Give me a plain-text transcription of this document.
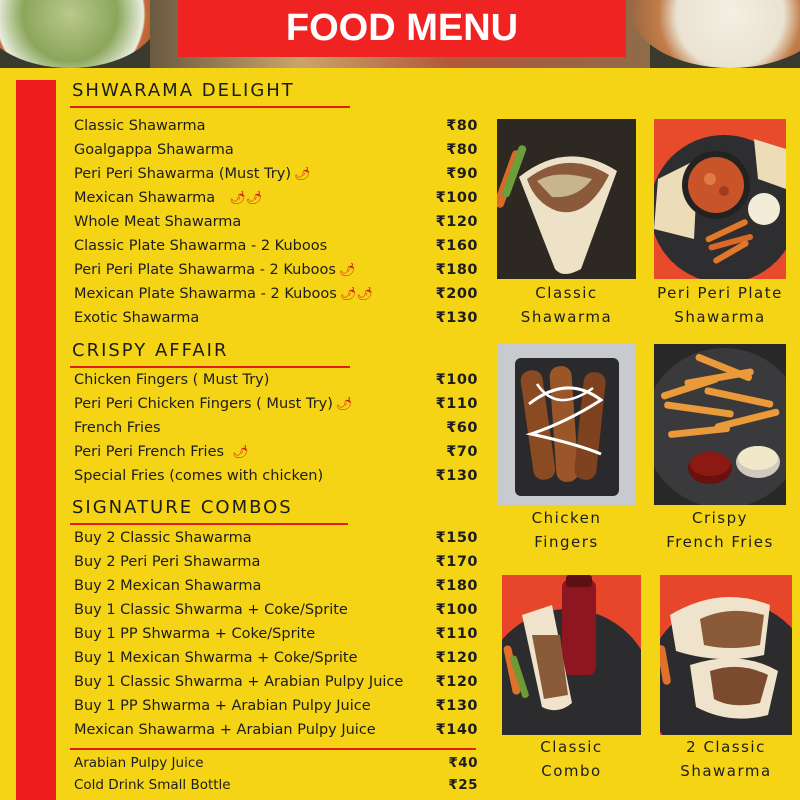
FOOD MENU
SHWARAMA DELIGHT
Classic Shawarma	₹80
Goalgappa Shawarma	₹80
Peri Peri Shawarma (Must Try) 🌶	₹90
Mexican Shawarma 🌶🌶	₹100
Whole Meat Shawarma	₹120
Classic Plate Shawarma - 2 Kuboos	₹160
Peri Peri Plate Shawarma - 2 Kuboos 🌶	₹180
Mexican Plate Shawarma - 2 Kuboos 🌶🌶	₹200
Exotic Shawarma	₹130
CRISPY AFFAIR
Chicken Fingers ( Must Try)	₹100
Peri Peri Chicken Fingers ( Must Try) 🌶	₹110
French Fries	₹60
Peri Peri French Fries 🌶	₹70
Special Fries (comes with chicken)	₹130
SIGNATURE COMBOS
Buy 2 Classic Shawarma	₹150
Buy 2 Peri Peri Shawarma	₹170
Buy 2 Mexican Shawarma	₹180
Buy 1 Classic Shwarma + Coke/Sprite	₹100
Buy 1 PP Shwarma + Coke/Sprite	₹110
Buy 1 Mexican Shwarma + Coke/Sprite	₹120
Buy 1 Classic Shwarma + Arabian Pulpy Juice ₹120
Buy 1 PP Shwarma + Arabian Pulpy Juice	₹130
Mexican Shawarma + Arabian Pulpy Juice	₹140
Arabian Pulpy Juice	₹40
Cold Drink Small Bottle	₹25
Classic
Shawarma
Peri Peri Plate
Shawarma
Chicken
Fingers
Crispy
French Fries
Classic
Combo
2 Classic
Shawarma
